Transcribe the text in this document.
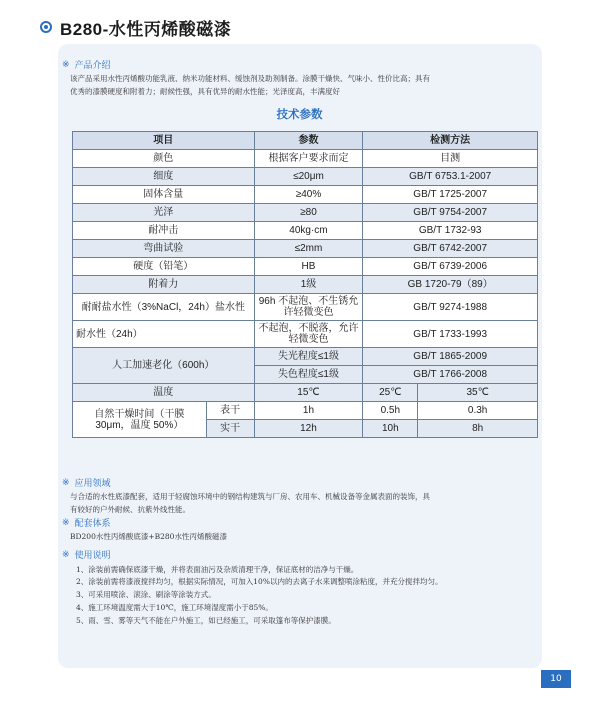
B280-水性丙烯酸磁漆
※ 产品介绍
该产品采用水性丙烯酸功能乳液、纳米功能材料、缓蚀剂及助剂制备。涂膜干燥快、气味小、性价比高；具有
优秀的漆膜硬度和附着力；耐候性强，具有优异的耐水性能；光泽度高，丰满度好
技术参数
项目		参数	检测方法	
颜色		根据客户要求而定	目测	
细度		≤20μm	GB/T 6753.1-2007	
固体含量		≥40%	GB/T 1725-2007	
光泽		≥80	GB/T 9754-2007	
耐冲击		40kg·cm	GB/T 1732-93	
弯曲试验		≤2mm	GB/T 6742-2007	
硬度（铅笔）		HB	GB/T 6739-2006	
附着力		1级	GB 1720-79（89）	
耐耐盐水性（3%NaCl，24h）盐水性		96h 不起泡、不生锈允许轻微变色	GB/T 9274-1988	
耐水性（24h）		不起泡，不脱落，允许轻微变色	GB/T 1733-1993	
人工加速老化（600h）		失光程度≤1级	GB/T 1865-2009	
		失色程度≤1级	GB/T 1766-2008	
温度		15℃	25℃	35℃
自然干燥时间（干膜 30μm，温度 50%）	表干	1h	0.5h	0.3h
	实干	12h	10h	8h
※ 应用领域
与合适的水性底漆配套，适用于轻腐蚀环境中的钢结构建筑与厂房、农用车、机械设备等金属表面的装饰，具
有较好的户外耐候、抗紫外线性能。
※ 配套体系
BD200水性丙烯酸底漆+B280水性丙烯酸磁漆
※ 使用说明
1、涂装前需确保底漆干燥，并将表面油污及杂质清理干净，保证底材的洁净与干燥。
2、涂装前需将漆液搅拌均匀，根据实际情况，可加入10%以内的去离子水来调整喷涂粘度，并充分搅拌均匀。
3、可采用喷涂、滚涂、刷涂等涂装方式。
4、施工环境温度需大于10℃，施工环境湿度需小于85%。
5、雨、雪、雾等天气不能在户外施工，如已经施工，可采取篷布等保护漆膜。
10
